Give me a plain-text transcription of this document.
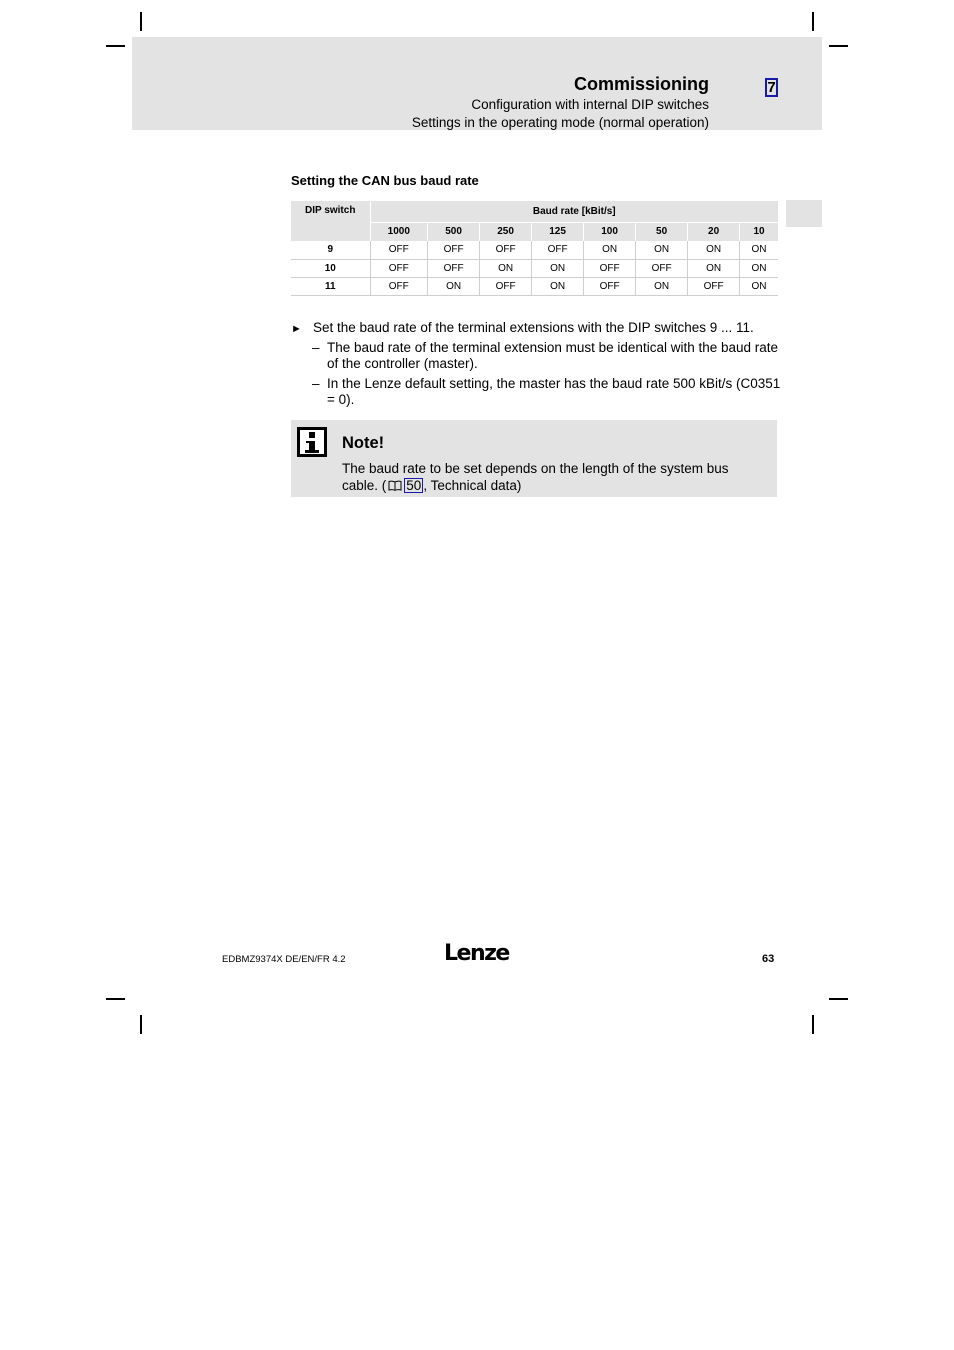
Commissioning	7
Configuration with internal DIP switches
Settings in the operating mode (normal operation)
Setting the CAN bus baud rate
DIP switch	Baud rate [kBit/s]							
	1000	500	250	125	100	50	20	10
9	OFF	OFF	OFF	OFF	ON	ON	ON	ON
10	OFF	OFF	ON	ON	OFF	OFF	ON	ON
11	OFF	ON	OFF	ON	OFF	ON	OFF	ON
► Set the baud rate of the terminal extensions with the DIP switches 9 ... 11.
– The baud rate of the terminal extension must be identical with the baud rate of the controller (master).
– In the Lenze default setting, the master has the baud rate 500 kBit/s (C0351 = 0).
Note!
The baud rate to be set depends on the length of the system bus cable. ( 50 , Technical data)
EDBMZ9374X DE/EN/FR 4.2	Lenze	63
